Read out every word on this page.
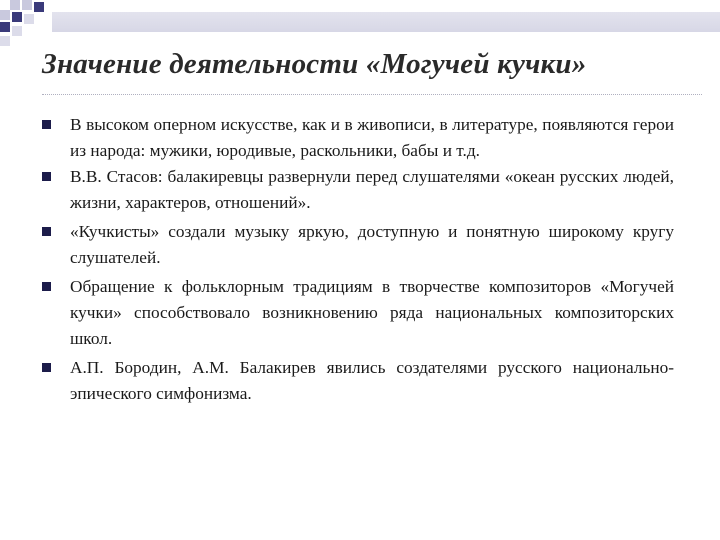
Значение деятельности «Могучей кучки»
В высоком оперном искусстве, как и в живописи, в литературе, появляются герои из народа: мужики, юродивые, раскольники, бабы и т.д.
В.В. Стасов: балакиревцы развернули перед слушателями «океан русских людей, жизни, характеров, отношений».
«Кучкисты» создали музыку яркую, доступную и понятную широкому кругу слушателей.
Обращение к фольклорным традициям в творчестве композиторов «Могучей кучки» способствовало возникновению ряда национальных композиторских школ.
А.П. Бородин, А.М. Балакирев явились создателями русского национально-эпического симфонизма.
